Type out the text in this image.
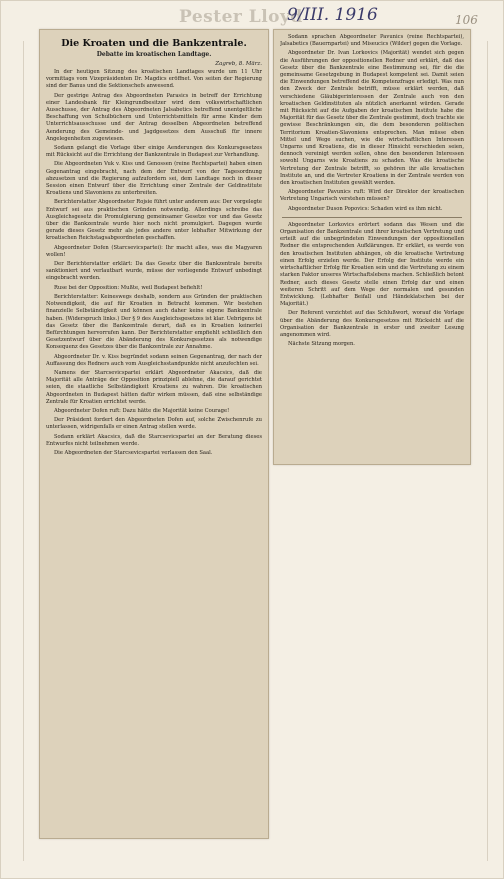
Pester Lloyd
9/III. 1916	106
Die Kroaten und die Bankzentrale.
Debatte im kroatischen Landtage.
Zagreb, 8. März.

In der heutigen Sitzung des kroatischen Landtages wurde um 11 Uhr vormittags vom Vizepräsidenten Dr. Magdics eröffnet. Von seiten der Regierung sind der Banus und die Sektionschefs anwesend.

Der gestrige Antrag des Abgeordneten Parasics in betreff der Errichtung einer Landesbank für Kleingrundbesitzer wird dem volkswirtschaftlichen Ausschusse, der Antrag des Abgeordneten Jalsabetics betreffend unentgeltliche Beschaffung von Schulbüchern und Unterrichtsmitteln für arme Kinder dem Unterrichtsausschusse und der Antrag desselben Abgeordneten betreffend Aenderung des Gemeinde- und Jagdgesetzes dem Ausschuß für innere Angelegenheiten zugewiesen.

Sodann gelangt die Vorlage über einige Aenderungen des Konkursgesetzes mit Rücksicht auf die Errichtung der Bankzentrale in Budapest zur Verhandlung.

Die Abgeordneten Vuk v. Kiss und Genossen (reine Rechtspartei) haben einen Gegenantrag eingebracht, nach dem der Entwurf von der Tagesordnung abzusetzen und die Regierung aufzufordern sei, dem Landtage noch in dieser Session einen Entwurf über die Errichtung einer Zentrale der Geldinstitute Kroatiens und Slavoniens zu unterbreiten.

Berichterstatter Abgeordneter Rojsie führt unter anderem aus: Der vorgelegte Entwurf sei aus praktischen Gründen notwendig. Allerdings schreibe das Ausgleichsgesetz die Promulgierung gemeinsamer Gesetze vor und das Gesetz über die Bankzentrale wurde hier noch nicht promulgiert. Dagegen wurde gerade dieses Gesetz mehr als jedes andere unter lebhafter Mitwirkung der kroatischen Reichstagsabgeordneten geschaffen.

Abgeordneter Dofen (Starcsevicspartei): Ihr macht alles, was die Magyaren wollen!

Der Berichterstatter erklärt: Da das Gesetz über die Bankzentrale bereits sanktioniert und verlautbart wurde, müsse der vorliegende Entwurf unbedingt eingebracht werden.

Ruse bei der Opposition: Mußte, weil Budapest befiehlt!

Berichterstatter: Keineswegs deshalb, sondern aus Gründen der praktischen Notwendigkeit, die auf für Kroatien in Betracht kommen. Wir bestehen finanzielle Selbständigkeit und können auch daher keine eigene Bankzentrale haben. (Widerspruch links.) Der § 9 des Ausgleichsgesetzes ist klar. Uebrigens ist das Gesetz über die Bankzentrale derart, daß es in Kroatien keinerlei Befürchtungen hervorrufen kann. Der Berichterstatter empfiehlt schließlich den Gesetzentwurf über die Abänderung des Konkursgesetzes als notwendige Konsequenz des Gesetzes über die Bankzentrale zur Annahme.

Abgeordneter Dr. v. Kiss begründet sodann seinen Gegenantrag, der nach der Auffassung des Redners auch vom Ausgleichsstandpunkte nicht anzufechten sei.

Namens der Starcsevicspartei erklärt Abgeordneter Akacsics, daß die Majorität alle Anträge der Opposition prinzipiell ablehne, die darauf gerichtet seien, die staatliche Selbständigkeit Kroatiens zu wahren. Die kroatischen Abgeordneten in Budapest hätten dafür wirken müssen, daß eine selbständige Zentrale für Kroatien errichtet werde.

Abgeordneter Dofen ruft: Dazu hätte die Majorität keine Courage!

Der Präsident fordert den Abgeordneten Dofen auf, solche Zwischenrufe zu unterlassen, widrigenfalls er einen Antrag stellen werde.

Sodann erklärt Akacsics, daß die Starcsevicspartei an der Beratung dieses Entwurfes nicht teilnehmen werde.

Die Abgeordneten der Starcsevicspartei verlassen den Saal.

Sodann sprachen Abgeordneter Pavunics (reine Rechtspartei), Jalsabetics (Bauernpartei) und Miseucics (Wilder) gegen die Vorlage.

Abgeordneter Dr. Ivan Lorkovics (Majorität) wendet sich gegen die Ausführungen der oppositionellen Redner und erklärt, daß das Gesetz über die Bankzentrale eine Bestimmung sei, für die die gemeinsame Gesetzgebung in Budapest kompetent sei. Damit seien die Einwendungen betreffend die Kompetenzfrage erledigt. Was nun den Zweck der Zentrale betrifft, müsse erklärt werden, daß verschiedene Gläubigerinteressen der Zentrale auch von den kroatischen Geldinstituten als nützlich anerkannt würden. Gerade mit Rücksicht auf die Aufgaben der kroatischen Institute habe die Majorität für das Gesetz über die Zentrale gestimmt, doch trachte sie gewisse Beschränkungen ein, die dem besonderen politischen Territorium Kroatien-Slavoniens entsprechen. Man müsse eben Mittel und Wege suchen, wie die wirtschaftlichen Interessen Ungarns und Kroatiens, die in dieser Hinsicht verschieden seien, dennoch vereinigt werden sollen, ohne den besonderen Interessen sowohl Ungarns wie Kroatiens zu schaden. Was die kroatische Vertretung der Zentrale betrifft, so gehören ihr alle kroatischen Institute an, und die Vertreter Kroatiens in der Zentrale werden von den kroatischen Instituten gewählt werden.

Abgeordneter Pavunics ruft: Wird der Direktor der kroatischen Vertretung Ungarisch verstehen müssen?

Abgeordneter Duson Popovics: Schaden wird es ihm nicht.

Abgeordneter Lorkovics erörtert sodann das Wesen und die Organisation der Bankzentrale und ihrer kroatischen Vertretung und erteilt auf die unbegründeten Einwendungen der oppositionellen Redner die entsprechenden Aufklärungen. Er erklärt, es werde von den kroatischen Instituten abhängen, ob die kroatische Vertretung einen Erfolg erzielen werde. Der Erfolg der Institute werde ein wirtschaftlicher Erfolg für Kroatien sein und die Vertretung zu einem starken Faktor unseres Wirtschaftslebens machen. Schließlich betont Redner, auch dieses Gesetz stelle einen Erfolg dar und einen weiteren Schritt auf dem Wege der normalen und gesunden Entwicklung. (Lebhafter Beifall und Händeklatschen bei der Majorität.)

Der Referent verzichtet auf das Schlußwort, worauf die Vorlage über die Abänderung des Konkursgesetzes mit Rücksicht auf die Organisation der Bankzentrale in erster und zweiter Lesung angenommen wird.

Nächste Sitzung morgen.
